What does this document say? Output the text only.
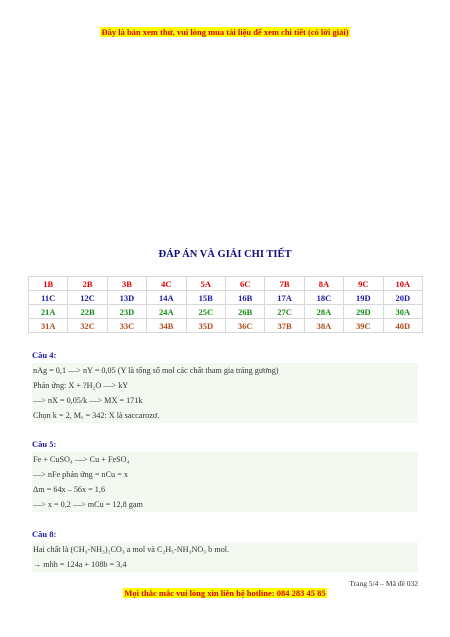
Đây là bản xem thử, vui lòng mua tài liệu để xem chi tiết (có lời giải)
ĐÁP ÁN VÀ GIẢI CHI TIẾT
1B	2B	3B	4C	5A	6C	7B	8A	9C	10A
11C	12C	13D	14A	15B	16B	17A	18C	19D	20D
21A	22B	23D	24A	25C	26B	27C	28A	29D	30A
31A	32C	33C	34B	35D	36C	37B	38A	39C	40D
Câu 4:
nAg = 0,1 —> nY = 0,05 (Y là tổng số mol các chất tham gia tráng gương)
Phản ứng: X + ?H₂O —> kY
—> nX = 0,05/k —> MX = 171k
Chọn k = 2, Mₓ = 342: X là saccarozơ.
Câu 5:
Fe + CuSO₄ —> Cu + FeSO₄
—> nFe phản ứng = nCu = x
Δm = 64x – 56x = 1,6
—> x = 0,2 —> mCu = 12,8 gam
Câu 8:
Hai chất là (CH₃-NH₃)₂CO₃ a mol và C₂H₅-NH₃NO₃ b mol.
→ mhh = 124a + 108b = 3,4
Trang 5/4 – Mã đề 032
Mọi thắc mắc vui lòng xin liên hệ hotline: 084 283 45 85
